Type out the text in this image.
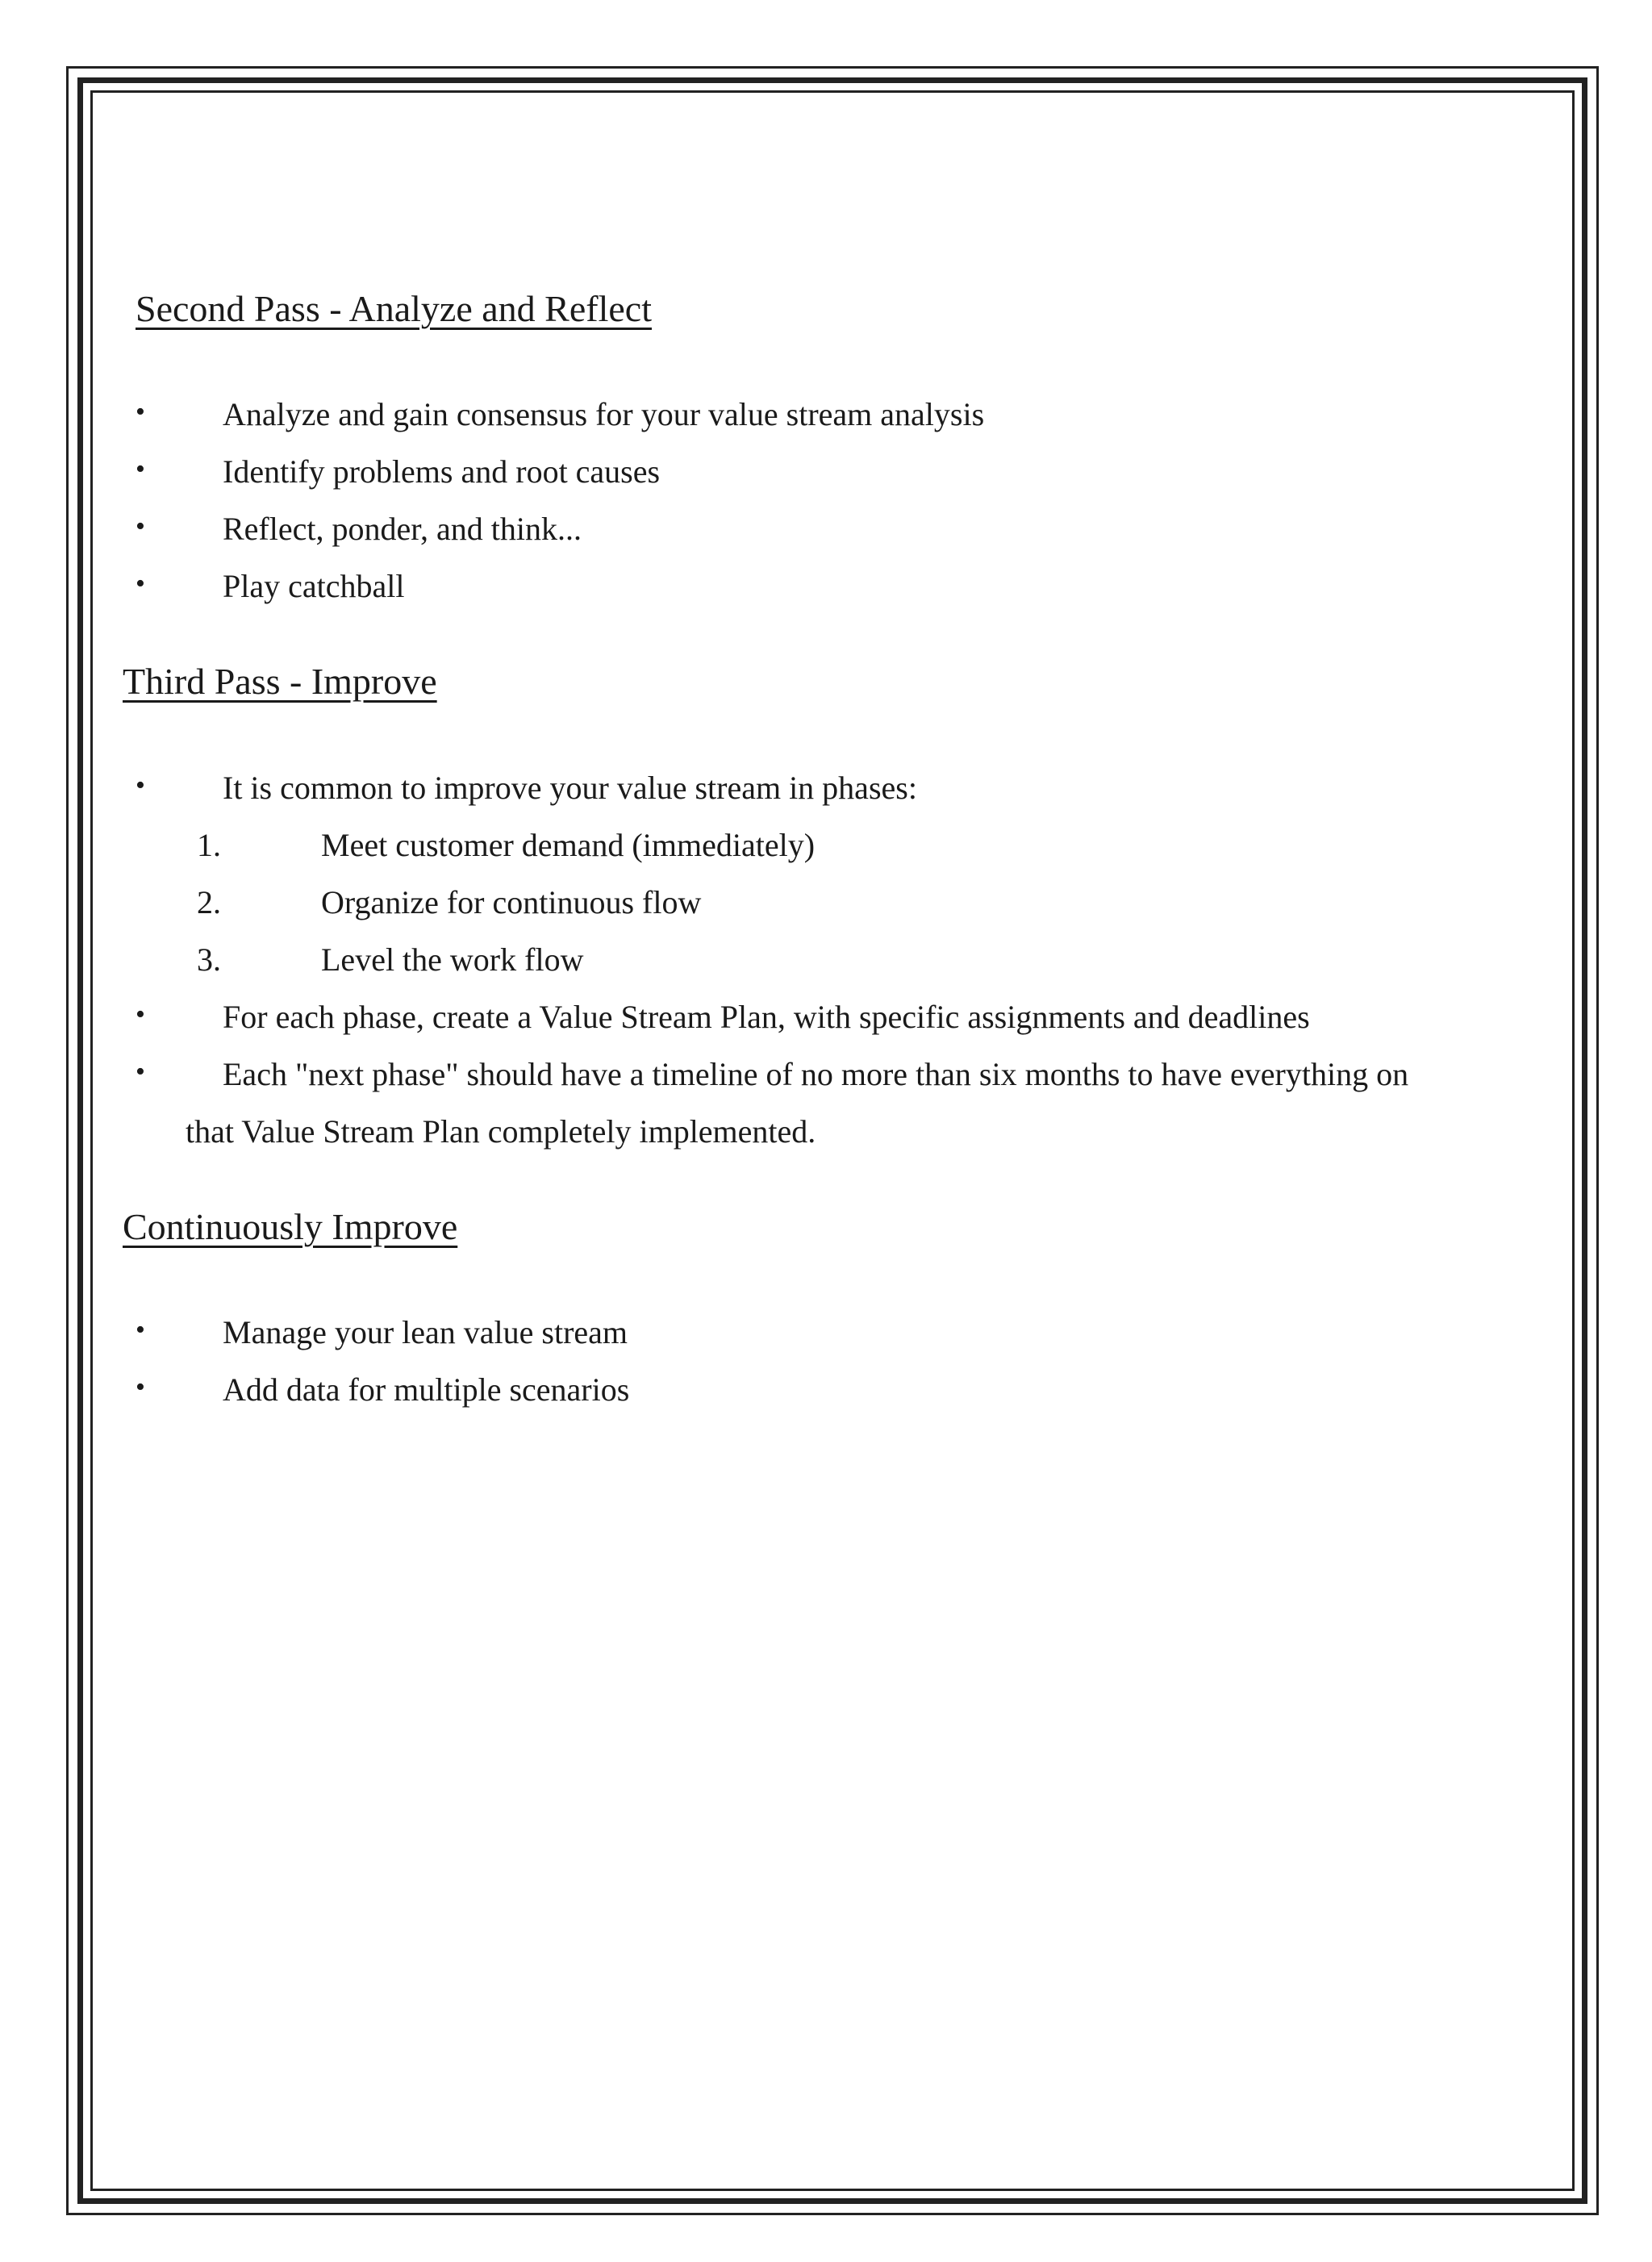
Second Pass - Analyze and Reflect
• Analyze and gain consensus for your value stream analysis
• Identify problems and root causes
• Reflect, ponder, and think...
• Play catchball
Third Pass - Improve
• It is common to improve your value stream in phases:
1.	Meet customer demand (immediately)
2.	Organize for continuous flow
3.	Level the work flow
• For each phase, create a Value Stream Plan, with specific assignments and deadlines
• Each "next phase" should have a timeline of no more than six months to have everything on
that Value Stream Plan completely implemented.
Continuously Improve
• Manage your lean value stream
• Add data for multiple scenarios
